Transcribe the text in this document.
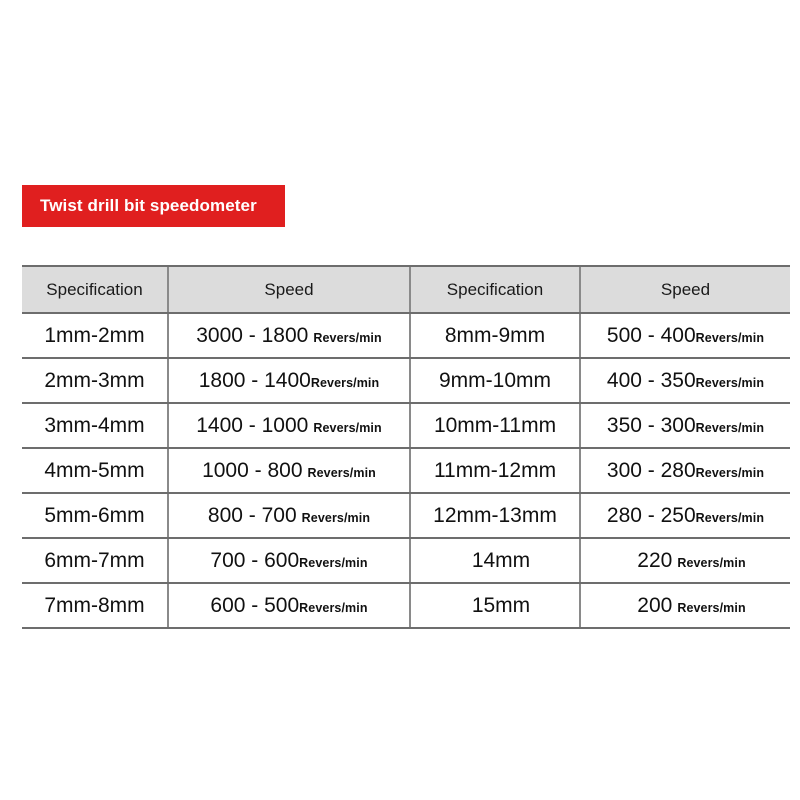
Twist drill bit speedometer
Specification	Speed	Specification	Speed
1mm-2mm	3000 - 1800 Revers/min	8mm-9mm	500 - 400Revers/min
2mm-3mm	1800 - 1400Revers/min	9mm-10mm	400 - 350Revers/min
3mm-4mm	1400 - 1000 Revers/min	10mm-11mm	350 - 300Revers/min
4mm-5mm	1000 - 800 Revers/min	11mm-12mm	300 - 280Revers/min
5mm-6mm	800 - 700 Revers/min	12mm-13mm	280 - 250Revers/min
6mm-7mm	700 - 600Revers/min	14mm	220 Revers/min
7mm-8mm	600 - 500Revers/min	15mm	200 Revers/min
